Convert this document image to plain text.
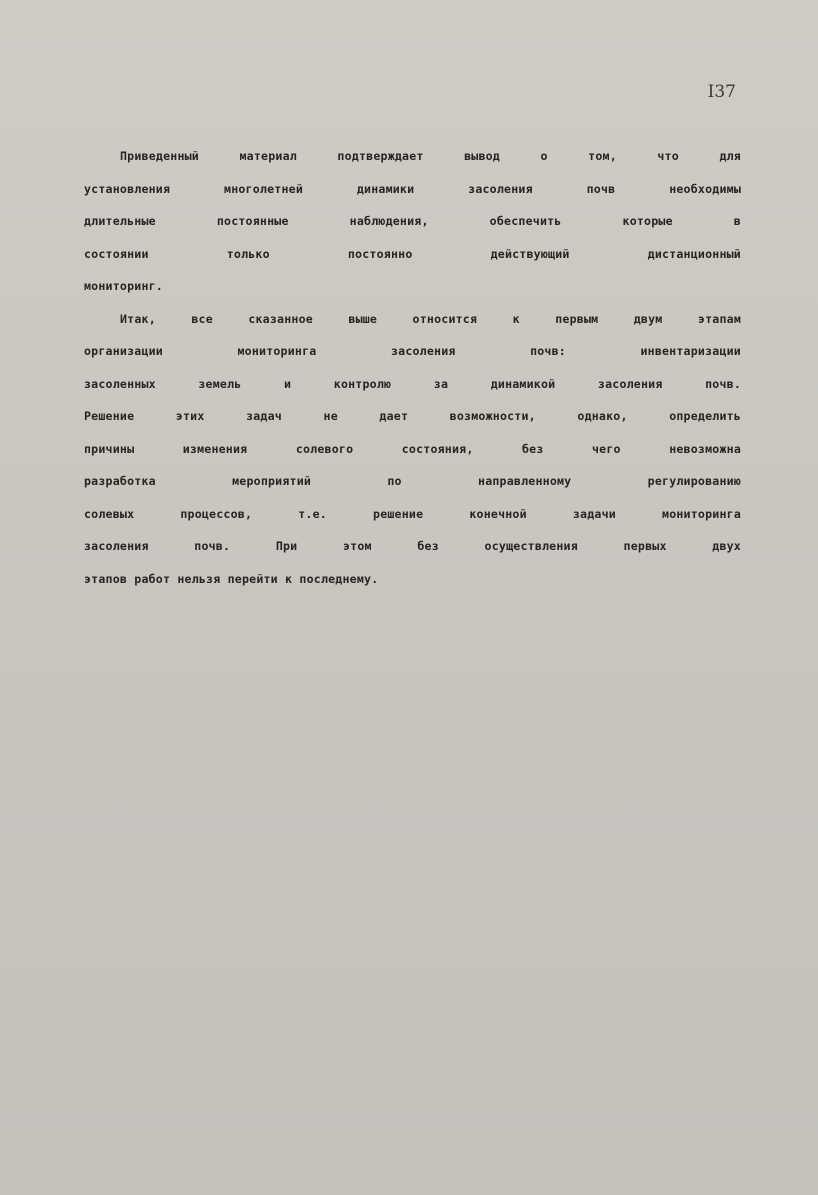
I37
Приведенный материал подтверждает вывод о том, что для
установления многолетней динамики засоления почв необходимы
длительные постоянные наблюдения, обеспечить которые в
состоянии только постоянно действующий дистанционный
мониторинг.
Итак, все сказанное выше относится к первым двум этапам
организации мониторинга засоления почв: инвентаризации
засоленных земель и контролю за динамикой засоления почв.
Решение этих задач не дает возможности, однако, определить
причины изменения солевого состояния, без чего невозможна
разработка мероприятий по направленному регулированию
солевых процессов, т.е. решение конечной задачи мониторинга
засоления почв. При этом без осуществления первых двух
этапов работ нельзя перейти к последнему.
